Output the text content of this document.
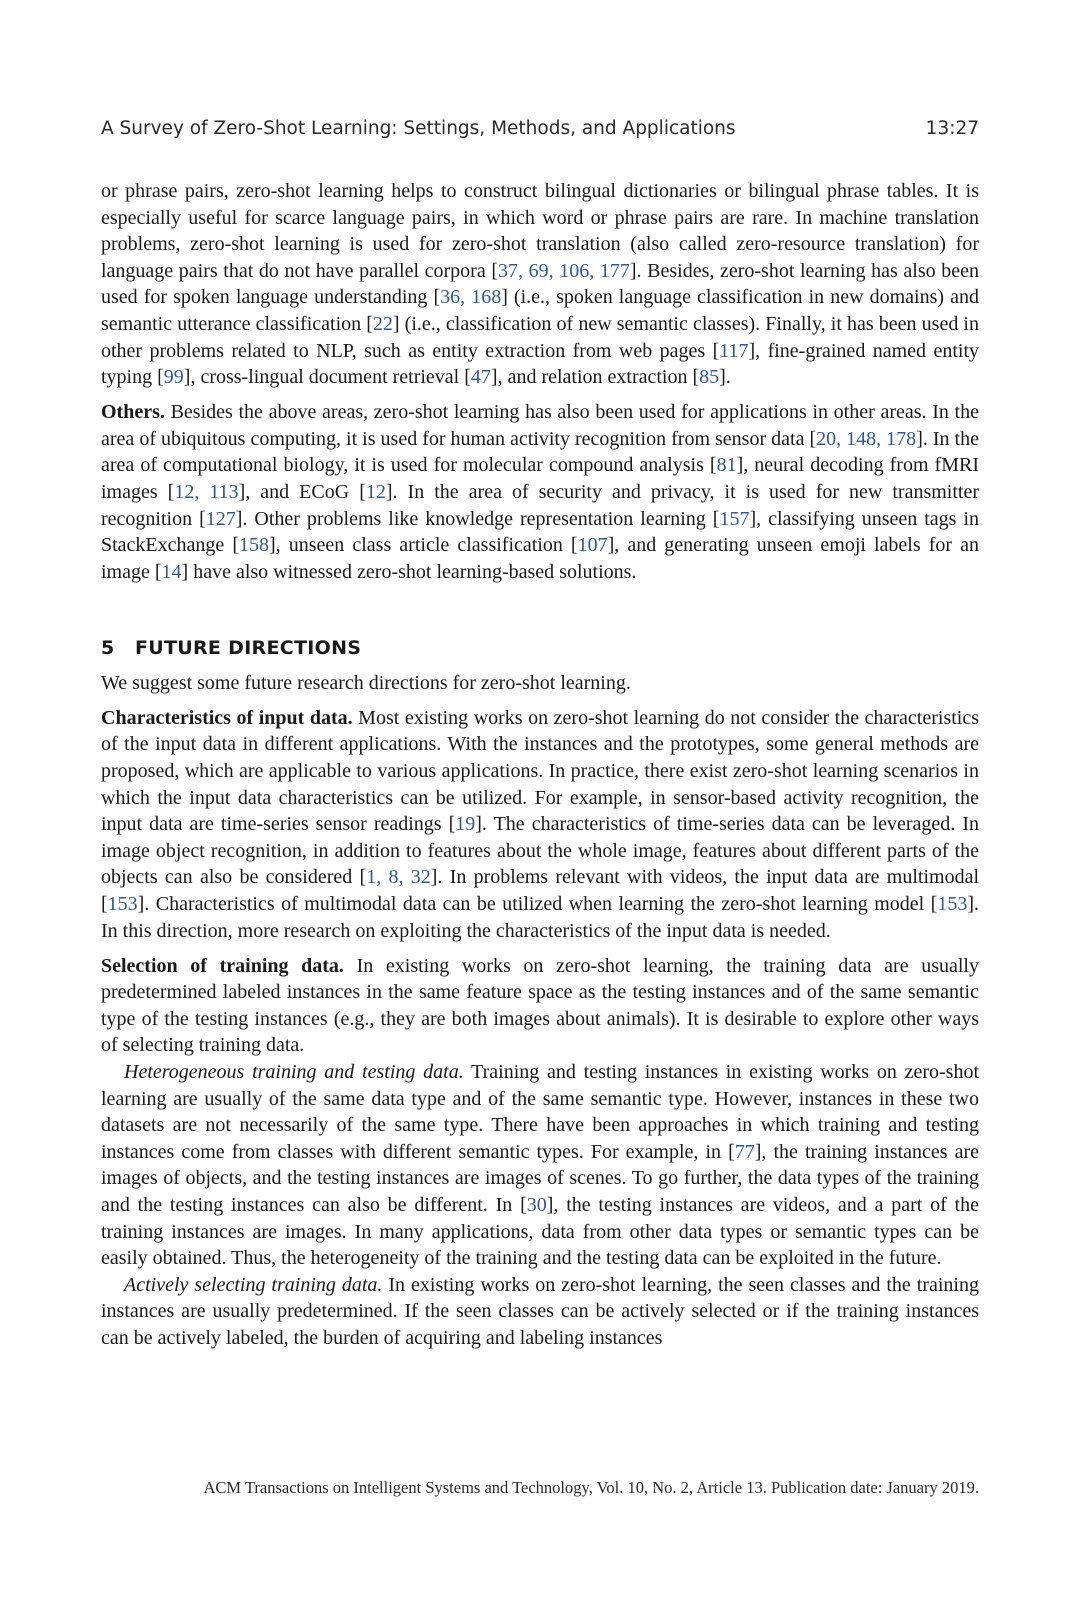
A Survey of Zero-Shot Learning: Settings, Methods, and Applications	13:27

or phrase pairs, zero-shot learning helps to construct bilingual dictionaries or bilingual phrase tables. It is especially useful for scarce language pairs, in which word or phrase pairs are rare. In machine translation problems, zero-shot learning is used for zero-shot translation (also called zero-resource translation) for language pairs that do not have parallel corpora [37, 69, 106, 177]. Besides, zero-shot learning has also been used for spoken language understanding [36, 168] (i.e., spoken language classification in new domains) and semantic utterance classification [22] (i.e., classification of new semantic classes). Finally, it has been used in other problems related to NLP, such as entity extraction from web pages [117], fine-grained named entity typing [99], cross-lingual document retrieval [47], and relation extraction [85].

Others. Besides the above areas, zero-shot learning has also been used for applications in other areas. In the area of ubiquitous computing, it is used for human activity recognition from sensor data [20, 148, 178]. In the area of computational biology, it is used for molecular compound analysis [81], neural decoding from fMRI images [12, 113], and ECoG [12]. In the area of security and privacy, it is used for new transmitter recognition [127]. Other problems like knowledge representation learning [157], classifying unseen tags in StackExchange [158], unseen class article classification [107], and generating unseen emoji labels for an image [14] have also witnessed zero-shot learning-based solutions.

5 FUTURE DIRECTIONS

We suggest some future research directions for zero-shot learning.

Characteristics of input data. Most existing works on zero-shot learning do not consider the characteristics of the input data in different applications. With the instances and the prototypes, some general methods are proposed, which are applicable to various applications. In practice, there exist zero-shot learning scenarios in which the input data characteristics can be utilized. For example, in sensor-based activity recognition, the input data are time-series sensor readings [19]. The characteristics of time-series data can be leveraged. In image object recognition, in addition to features about the whole image, features about different parts of the objects can also be considered [1, 8, 32]. In problems relevant with videos, the input data are multimodal [153]. Characteristics of multimodal data can be utilized when learning the zero-shot learning model [153]. In this direction, more research on exploiting the characteristics of the input data is needed.

Selection of training data. In existing works on zero-shot learning, the training data are usually predetermined labeled instances in the same feature space as the testing instances and of the same semantic type of the testing instances (e.g., they are both images about animals). It is desirable to explore other ways of selecting training data.

Heterogeneous training and testing data. Training and testing instances in existing works on zero-shot learning are usually of the same data type and of the same semantic type. However, instances in these two datasets are not necessarily of the same type. There have been approaches in which training and testing instances come from classes with different semantic types. For example, in [77], the training instances are images of objects, and the testing instances are images of scenes. To go further, the data types of the training and the testing instances can also be different. In [30], the testing instances are videos, and a part of the training instances are images. In many applications, data from other data types or semantic types can be easily obtained. Thus, the heterogeneity of the training and the testing data can be exploited in the future.

Actively selecting training data. In existing works on zero-shot learning, the seen classes and the training instances are usually predetermined. If the seen classes can be actively selected or if the training instances can be actively labeled, the burden of acquiring and labeling instances

ACM Transactions on Intelligent Systems and Technology, Vol. 10, No. 2, Article 13. Publication date: January 2019.
